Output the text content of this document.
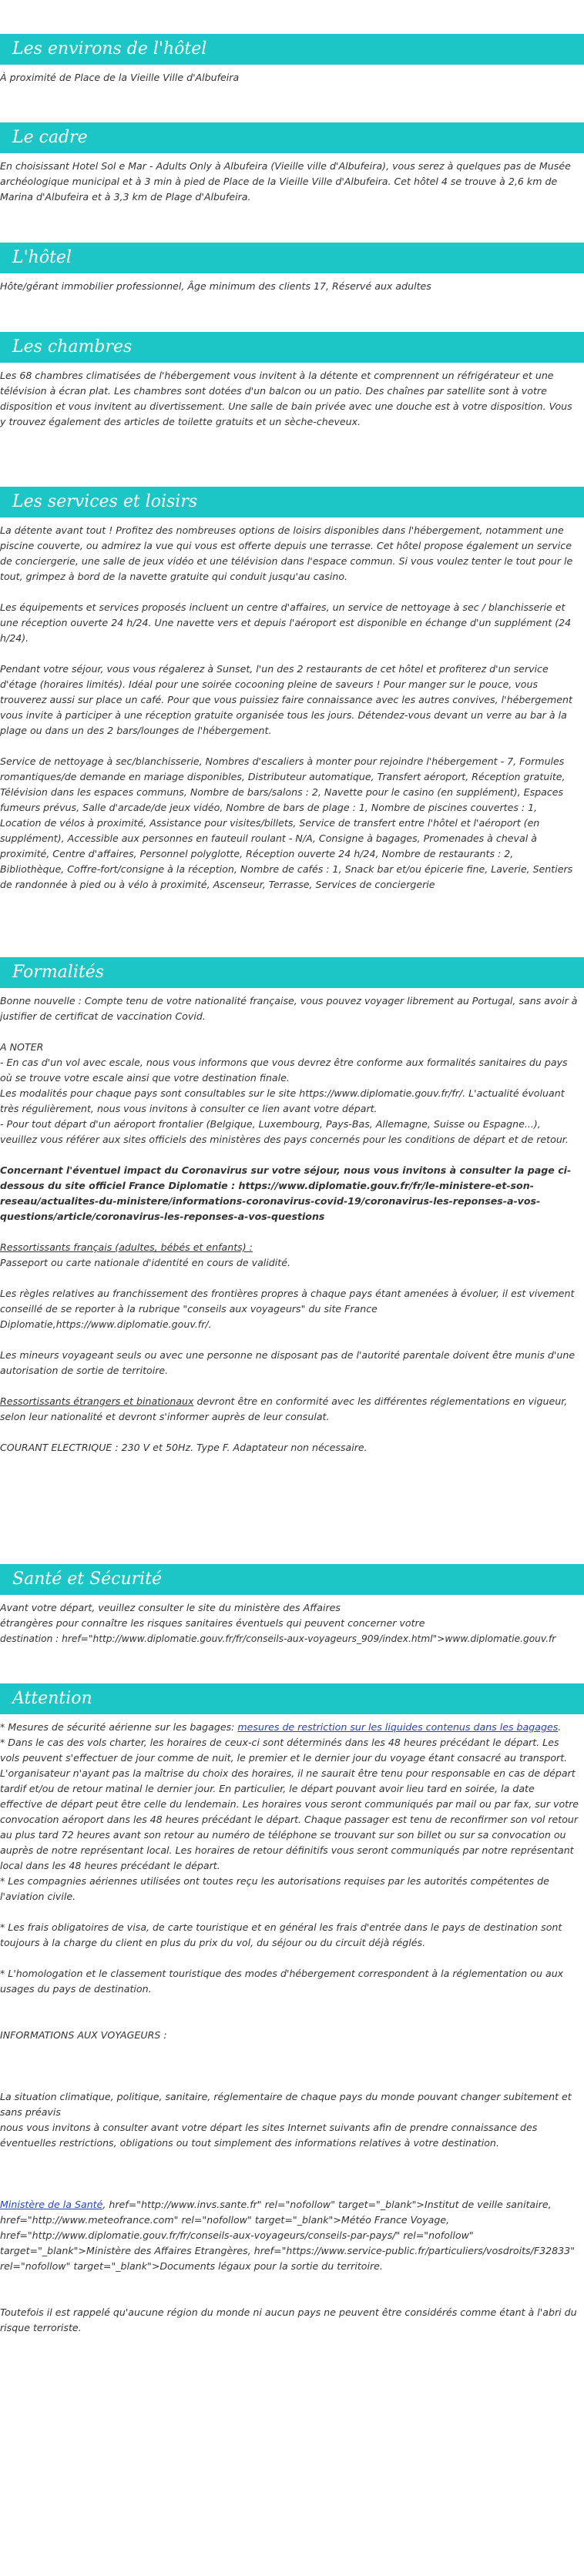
Les environs de l'hôtel

À proximité de Place de la Vieille Ville d'Albufeira

Le cadre

En choisissant Hotel Sol e Mar - Adults Only à Albufeira (Vieille ville d'Albufeira), vous serez à quelques pas de Musée archéologique municipal et à 3 min à pied de Place de la Vieille Ville d'Albufeira. Cet hôtel 4 se trouve à 2,6 km de Marina d'Albufeira et à 3,3 km de Plage d'Albufeira.

L'hôtel

Hôte/gérant immobilier professionnel, Âge minimum des clients 17, Réservé aux adultes

Les chambres

Les 68 chambres climatisées de l'hébergement vous invitent à la détente et comprennent un réfrigérateur et une télévision à écran plat. Les chambres sont dotées d'un balcon ou un patio. Des chaînes par satellite sont à votre disposition et vous invitent au divertissement. Une salle de bain privée avec une douche est à votre disposition. Vous y trouvez également des articles de toilette gratuits et un sèche-cheveux.

Les services et loisirs

La détente avant tout ! Profitez des nombreuses options de loisirs disponibles dans l'hébergement, notamment une piscine couverte, ou admirez la vue qui vous est offerte depuis une terrasse. Cet hôtel propose également un service de conciergerie, une salle de jeux vidéo et une télévision dans l'espace commun. Si vous voulez tenter le tout pour le tout, grimpez à bord de la navette gratuite qui conduit jusqu'au casino.

Les équipements et services proposés incluent un centre d'affaires, un service de nettoyage à sec / blanchisserie et une réception ouverte 24 h/24. Une navette vers et depuis l'aéroport est disponible en échange d'un supplément (24 h/24).

Pendant votre séjour, vous vous régalerez à Sunset, l'un des 2 restaurants de cet hôtel et profiterez d'un service d'étage (horaires limités). Idéal pour une soirée cocooning pleine de saveurs ! Pour manger sur le pouce, vous trouverez aussi sur place un café. Pour que vous puissiez faire connaissance avec les autres convives, l'hébergement vous invite à participer à une réception gratuite organisée tous les jours. Détendez-vous devant un verre au bar à la plage ou dans un des 2 bars/lounges de l'hébergement.

Service de nettoyage à sec/blanchisserie, Nombres d'escaliers à monter pour rejoindre l'hébergement - 7, Formules romantiques/de demande en mariage disponibles, Distributeur automatique, Transfert aéroport, Réception gratuite, Télévision dans les espaces communs, Nombre de bars/salons : 2, Navette pour le casino (en supplément), Espaces fumeurs prévus, Salle d'arcade/de jeux vidéo, Nombre de bars de plage : 1, Nombre de piscines couvertes : 1, Location de vélos à proximité, Assistance pour visites/billets, Service de transfert entre l'hôtel et l'aéroport (en supplément), Accessible aux personnes en fauteuil roulant - N/A, Consigne à bagages, Promenades à cheval à proximité, Centre d'affaires, Personnel polyglotte, Réception ouverte 24 h/24, Nombre de restaurants : 2, Bibliothèque, Coffre-fort/consigne à la réception, Nombre de cafés : 1, Snack bar et/ou épicerie fine, Laverie, Sentiers de randonnée à pied ou à vélo à proximité, Ascenseur, Terrasse, Services de conciergerie

Formalités

Bonne nouvelle : Compte tenu de votre nationalité française, vous pouvez voyager librement au Portugal, sans avoir à justifier de certificat de vaccination Covid.

A NOTER

- En cas d'un vol avec escale, nous vous informons que vous devrez être conforme aux formalités sanitaires du pays où se trouve votre escale ainsi que votre destination finale.

Les modalités pour chaque pays sont consultables sur le site https://www.diplomatie.gouv.fr/fr/. L'actualité évoluant très régulièrement, nous vous invitons à consulter ce lien avant votre départ.

- Pour tout départ d'un aéroport frontalier (Belgique, Luxembourg, Pays-Bas, Allemagne, Suisse ou Espagne...), veuillez vous référer aux sites officiels des ministères des pays concernés pour les conditions de départ et de retour.

Concernant l'éventuel impact du Coronavirus sur votre séjour, nous vous invitons à consulter la page ci-dessous du site officiel France Diplomatie : https://www.diplomatie.gouv.fr/fr/le-ministere-et-son-reseau/actualites-du-ministere/informations-coronavirus-covid-19/coronavirus-les-reponses-a-vos-questions/article/coronavirus-les-reponses-a-vos-questions

Ressortissants français (adultes, bébés et enfants) :

Passeport ou carte nationale d'identité en cours de validité.

Les règles relatives au franchissement des frontières propres à chaque pays étant amenées à évoluer, il est vivement conseillé de se reporter à la rubrique "conseils aux voyageurs" du site France Diplomatie,https://www.diplomatie.gouv.fr/.

Les mineurs voyageant seuls ou avec une personne ne disposant pas de l'autorité parentale doivent être munis d'une autorisation de sortie de territoire.

Ressortissants étrangers et binationaux devront être en conformité avec les différentes réglementations en vigueur, selon leur nationalité et devront s'informer auprès de leur consulat.

COURANT ELECTRIQUE : 230 V et 50Hz. Type F. Adaptateur non nécessaire.

Santé et Sécurité

Avant votre départ, veuillez consulter le site du ministère des Affaires

étrangères pour connaître les risques sanitaires éventuels qui peuvent concerner votre

destination : href="http://www.diplomatie.gouv.fr/fr/conseils-aux-voyageurs_909/index.html">www.diplomatie.gouv.fr

Attention

* Mesures de sécurité aérienne sur les bagages: mesures de restriction sur les liquides contenus dans les bagages.

* Dans le cas des vols charter, les horaires de ceux-ci sont déterminés dans les 48 heures précédant le départ. Les vols peuvent s'effectuer de jour comme de nuit, le premier et le dernier jour du voyage étant consacré au transport. L'organisateur n'ayant pas la maîtrise du choix des horaires, il ne saurait être tenu pour responsable en cas de départ tardif et/ou de retour matinal le dernier jour. En particulier, le départ pouvant avoir lieu tard en soirée, la date effective de départ peut être celle du lendemain. Les horaires vous seront communiqués par mail ou par fax, sur votre convocation aéroport dans les 48 heures précédant le départ. Chaque passager est tenu de reconfirmer son vol retour au plus tard 72 heures avant son retour au numéro de téléphone se trouvant sur son billet ou sur sa convocation ou auprès de notre représentant local. Les horaires de retour définitifs vous seront communiqués par notre représentant local dans les 48 heures précédant le départ.

* Les compagnies aériennes utilisées ont toutes reçu les autorisations requises par les autorités compétentes de l'aviation civile.

* Les frais obligatoires de visa, de carte touristique et en général les frais d'entrée dans le pays de destination sont toujours à la charge du client en plus du prix du vol, du séjour ou du circuit déjà réglés.

* L'homologation et le classement touristique des modes d'hébergement correspondent à la réglementation ou aux usages du pays de destination.

INFORMATIONS AUX VOYAGEURS :

La situation climatique, politique, sanitaire, réglementaire de chaque pays du monde pouvant changer subitement et sans préavis

nous vous invitons à consulter avant votre départ les sites Internet suivants afin de prendre connaissance des éventuelles restrictions, obligations ou tout simplement des informations relatives à votre destination.

Ministère de la Santé, href="http://www.invs.sante.fr" rel="nofollow" target="_blank">Institut de veille sanitaire, href="http://www.meteofrance.com" rel="nofollow" target="_blank">Météo France Voyage, href="http://www.diplomatie.gouv.fr/fr/conseils-aux-voyageurs/conseils-par-pays/" rel="nofollow" target="_blank">Ministère des Affaires Etrangères, href="https://www.service-public.fr/particuliers/vosdroits/F32833" rel="nofollow" target="_blank">Documents légaux pour la sortie du territoire.

Toutefois il est rappelé qu'aucune région du monde ni aucun pays ne peuvent être considérés comme étant à l'abri du risque terroriste.
